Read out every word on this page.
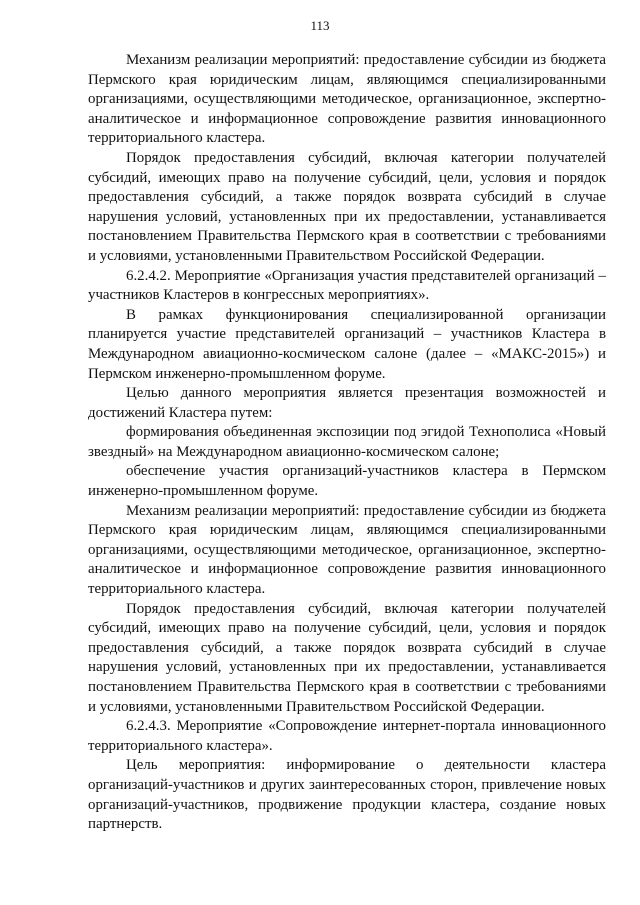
113

Механизм реализации мероприятий: предоставление субсидии из бюджета Пермского края юридическим лицам, являющимся специализированными организациями, осуществляющими методическое, организационное, экспертно-аналитическое и информационное сопровождение развития инновационного территориального кластера.

Порядок предоставления субсидий, включая категории получателей субсидий, имеющих право на получение субсидий, цели, условия и порядок предоставления субсидий, а также порядок возврата субсидий в случае нарушения условий, установленных при их предоставлении, устанавливается постановлением Правительства Пермского края в соответствии с требованиями и условиями, установленными Правительством Российской Федерации.

6.2.4.2. Мероприятие «Организация участия представителей организаций – участников Кластеров в конгрессных мероприятиях».

В рамках функционирования специализированной организации планируется участие представителей организаций – участников Кластера в Международном авиационно-космическом салоне (далее – «МАКС-2015») и Пермском инженерно-промышленном форуме.

Целью данного мероприятия является презентация возможностей и достижений Кластера путем:

формирования объединенная экспозиции под эгидой Технополиса «Новый звездный» на Международном авиационно-космическом салоне;

обеспечение участия организаций-участников кластера в Пермском инженерно-промышленном форуме.

Механизм реализации мероприятий: предоставление субсидии из бюджета Пермского края юридическим лицам, являющимся специализированными организациями, осуществляющими методическое, организационное, экспертно-аналитическое и информационное сопровождение развития инновационного территориального кластера.

Порядок предоставления субсидий, включая категории получателей субсидий, имеющих право на получение субсидий, цели, условия и порядок предоставления субсидий, а также порядок возврата субсидий в случае нарушения условий, установленных при их предоставлении, устанавливается постановлением Правительства Пермского края в соответствии с требованиями и условиями, установленными Правительством Российской Федерации.

6.2.4.3. Мероприятие «Сопровождение интернет-портала инновационного территориального кластера».

Цель мероприятия: информирование о деятельности кластера организаций-участников и других заинтересованных сторон, привлечение новых организаций-участников, продвижение продукции кластера, создание новых партнерств.
